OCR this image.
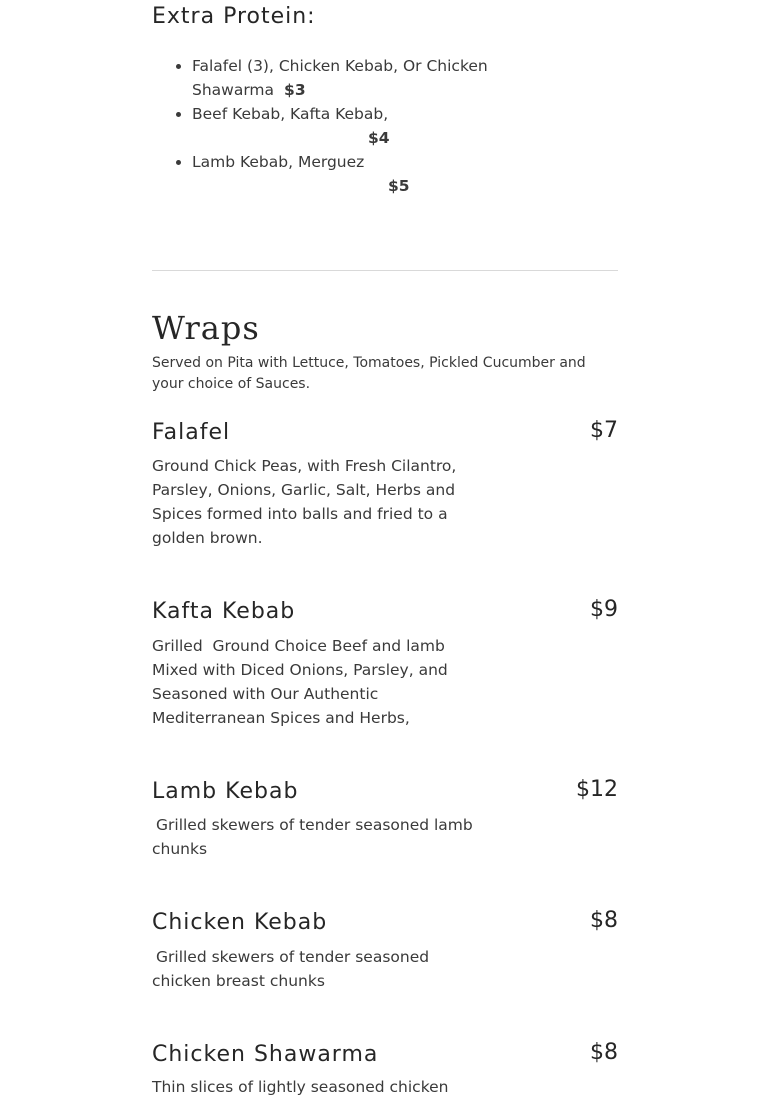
Extra Protein:
• Falafel (3), Chicken Kebab, Or Chicken Shawarma $3
• Beef Kebab, Kafta Kebab,
$4
• Lamb Kebab, Merguez
$5
Wraps

Served on Pita with Lettuce, Tomatoes, Pickled Cucumber and your choice of Sauces.

Falafel	$7

Ground Chick Peas, with Fresh Cilantro, Parsley, Onions, Garlic, Salt, Herbs and Spices formed into balls and fried to a golden brown.

Kafta Kebab	$9

Grilled  Ground Choice Beef and lamb Mixed with Diced Onions, Parsley, and Seasoned with Our Authentic Mediterranean Spices and Herbs,

Lamb Kebab	$12

Grilled skewers of tender seasoned lamb chunks

Chicken Kebab	$8

Grilled skewers of tender seasoned chicken breast chunks

Chicken Shawarma	$8

Thin slices of lightly seasoned chicken
